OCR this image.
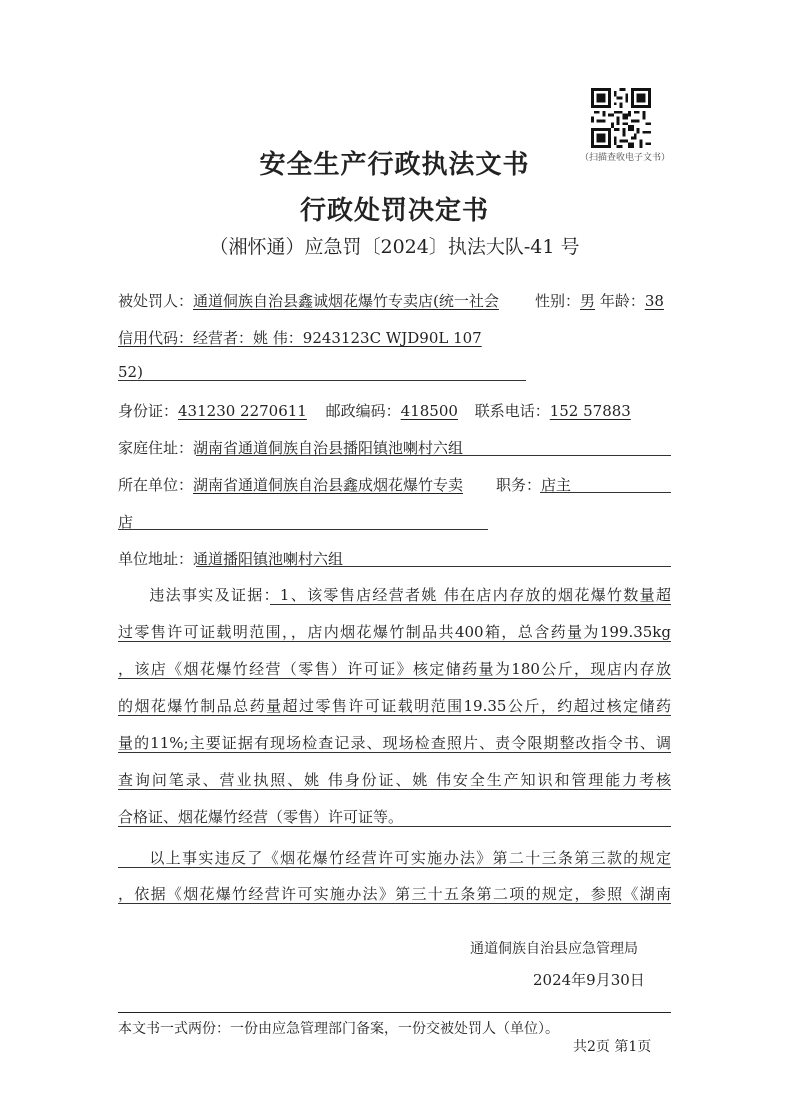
（扫描查收电子文书）
安全生产行政执法文书
行政处罚决定书
（湘怀通）应急罚〔2024〕执法大队-41 号
被处罚人：通道侗族自治县鑫诚烟花爆竹专卖店(统一社会 性别：男 年龄：38
信用代码：经营者：姚 伟：9243123C WJD90L 107
52)
身份证：431230 2270611 邮政编码：418500 联系电话：152 57883
家庭住址：湖南省通道侗族自治县播阳镇池喇村六组
所在单位：湖南省通道侗族自治县鑫成烟花爆竹专卖 职务：店主
店
单位地址：通道播阳镇池喇村六组
违法事实及证据：1、该零售店经营者姚 伟在店内存放的烟花爆竹数量超
过零售许可证载明范围，，店内烟花爆竹制品共400箱，总含药量为199.35kg
，该店《烟花爆竹经营（零售）许可证》核定储药量为180公斤，现店内存放
的烟花爆竹制品总药量超过零售许可证载明范围19.35公斤，约超过核定储药
量的11%;主要证据有现场检查记录、现场检查照片、责令限期整改指令书、调
查询问笔录、营业执照、姚 伟身份证、姚 伟安全生产知识和管理能力考核
合格证、烟花爆竹经营（零售）许可证等。
以上事实违反了《烟花爆竹经营许可实施办法》第二十三条第三款的规定
，依据《烟花爆竹经营许可实施办法》第三十五条第二项的规定，参照《湖南
通道侗族自治县应急管理局
2024年9月30日
本文书一式两份：一份由应急管理部门备案，一份交被处罚人（单位）。
共2页 第1页
